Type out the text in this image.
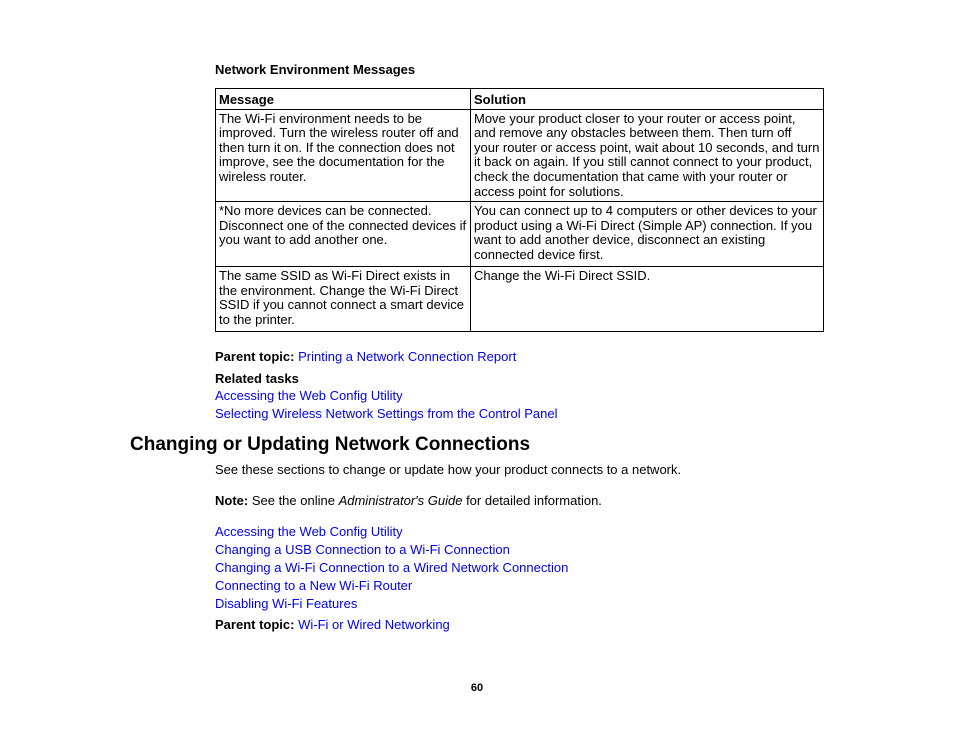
Network Environment Messages
Message	Solution
The Wi-Fi environment needs to be improved. Turn the wireless router off and then turn it on. If the connection does not improve, see the documentation for the wireless router.	Move your product closer to your router or access point, and remove any obstacles between them. Then turn off your router or access point, wait about 10 seconds, and turn it back on again. If you still cannot connect to your product, check the documentation that came with your router or access point for solutions.
*No more devices can be connected. Disconnect one of the connected devices if you want to add another one.	You can connect up to 4 computers or other devices to your product using a Wi-Fi Direct (Simple AP) connection. If you want to add another device, disconnect an existing connected device first.
The same SSID as Wi-Fi Direct exists in the environment. Change the Wi-Fi Direct SSID if you cannot connect a smart device to the printer.	Change the Wi-Fi Direct SSID.
Parent topic: Printing a Network Connection Report
Related tasks
Accessing the Web Config Utility
Selecting Wireless Network Settings from the Control Panel
Changing or Updating Network Connections
See these sections to change or update how your product connects to a network.
Note: See the online Administrator's Guide for detailed information.
Accessing the Web Config Utility
Changing a USB Connection to a Wi-Fi Connection
Changing a Wi-Fi Connection to a Wired Network Connection
Connecting to a New Wi-Fi Router
Disabling Wi-Fi Features
Parent topic: Wi-Fi or Wired Networking
60
